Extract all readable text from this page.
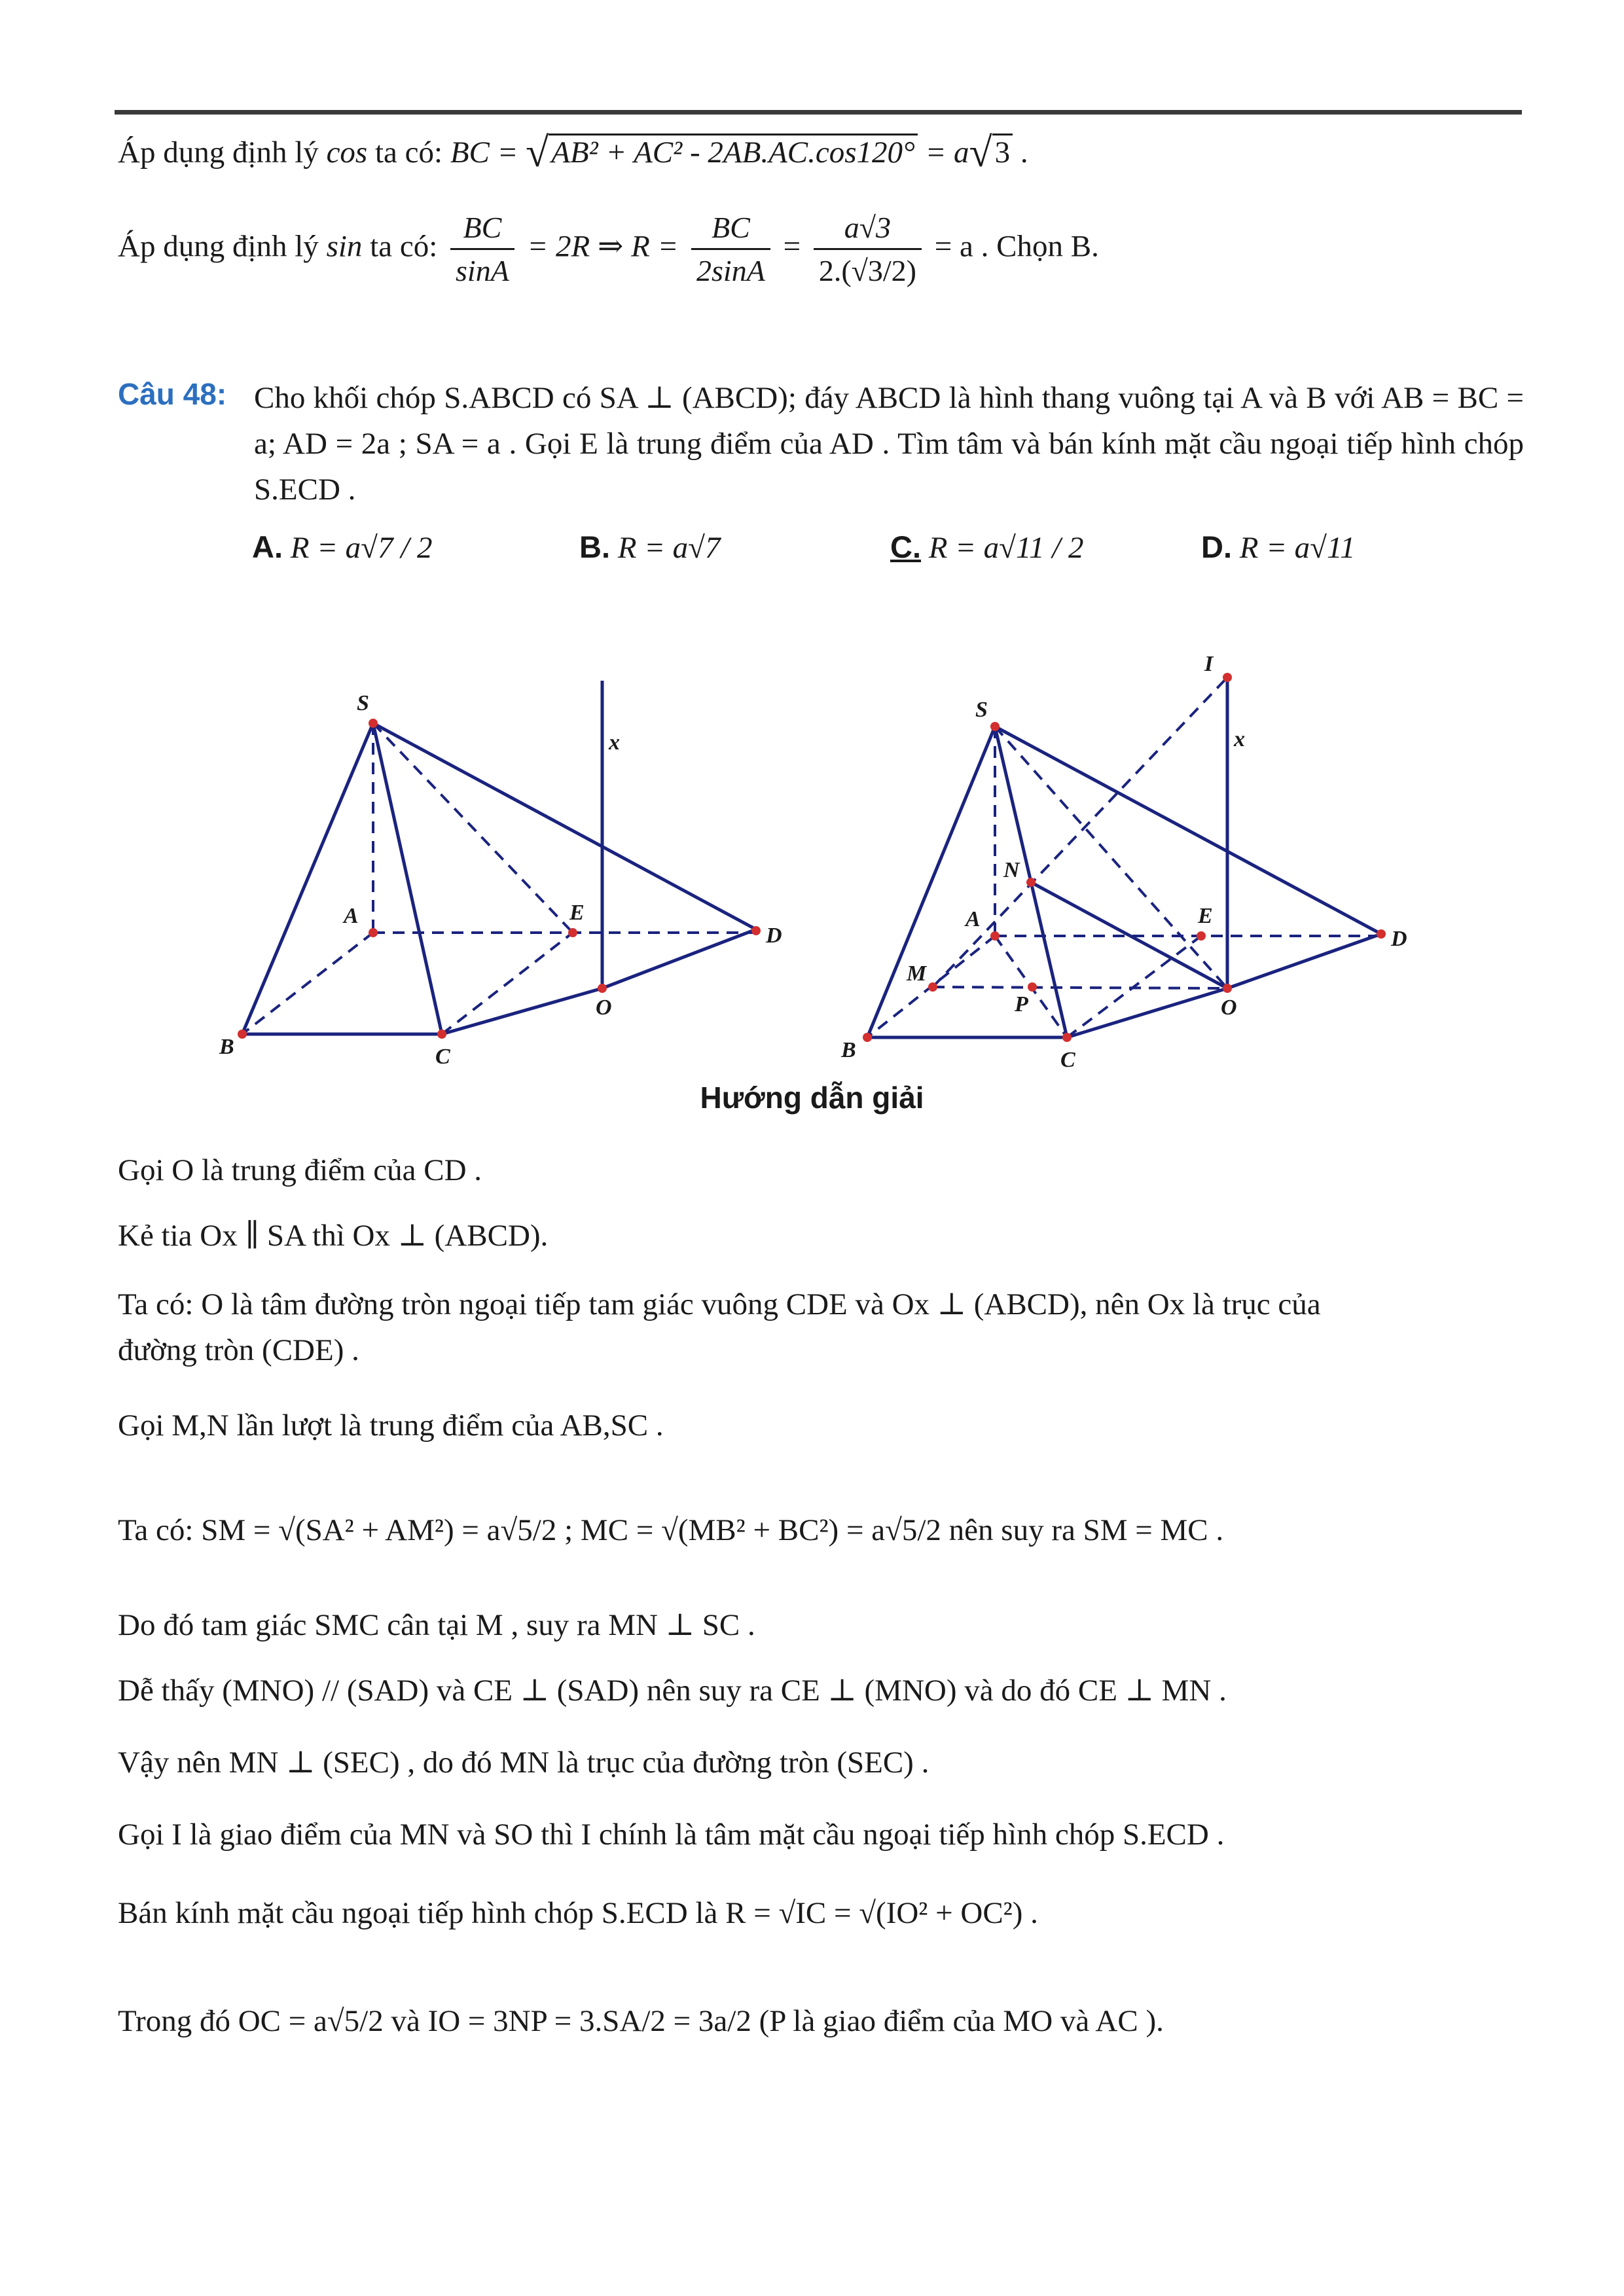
Áp dụng định lý cos ta có: BC = √AB² + AC² - 2AB.AC.cos120° = a√3 .
Áp dụng định lý sin ta có: $\frac{BC}{\sin A} = 2R$ ⇒ $R = \frac{BC}{2\sin A} = \frac{a√3}{2.(√3/2)} = a$ . Chọn B.
Câu 48: Cho khối chóp S.ABCD có SA ⊥ (ABCD); đáy ABCD là hình thang vuông tại A và B với AB = BC = a; AD = 2a ; SA = a . Gọi E là trung điểm của AD . Tìm tâm và bán kính mặt cầu ngoại tiếp hình chóp S.ECD .
A. R = a√7 / 2	B. R = a√7	C. R = a√11 / 2	D. R = a√11
S
A	E
D
B	C
O
x
I
S
x
N
A	E
D
M
P	O
B	C
Hướng dẫn giải
Gọi O là trung điểm của CD .
Kẻ tia Ox ∥ SA thì Ox ⊥ (ABCD).
Ta có: O là tâm đường tròn ngoại tiếp tam giác vuông CDE và Ox ⊥ (ABCD), nên Ox là trục của
đường tròn (CDE) .
Gọi M,N lần lượt là trung điểm của AB,SC .
Ta có: SM = √(SA² + AM²) = a√5/2 ; MC = √(MB² + BC²) = a√5/2 nên suy ra SM = MC .
Do đó tam giác SMC cân tại M , suy ra MN ⊥ SC .
Dễ thấy (MNO) // (SAD) và CE ⊥ (SAD) nên suy ra CE ⊥ (MNO) và do đó CE ⊥ MN .
Vậy nên MN ⊥ (SEC) , do đó MN là trục của đường tròn (SEC) .
Gọi I là giao điểm của MN và SO thì I chính là tâm mặt cầu ngoại tiếp hình chóp S.ECD .
Bán kính mặt cầu ngoại tiếp hình chóp S.ECD là R = √IC = √(IO² + OC²) .
Trong đó OC = a√5/2 và IO = 3NP = 3.SA/2 = 3a/2 (P là giao điểm của MO và AC ).
